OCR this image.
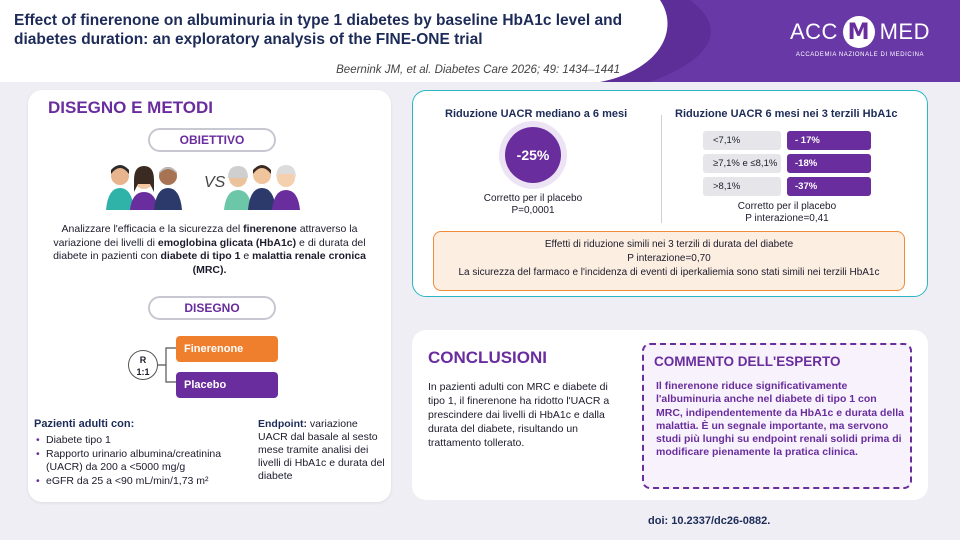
Effect of finerenone on albuminuria in type 1 diabetes by baseline HbA1c level and diabetes duration: an exploratory analysis of the FINE-ONE trial
Beernink JM, et al. Diabetes Care 2026; 49: 1434–1441
ACC M MED
ACCADEMIA NAZIONALE DI MEDICINA
DISEGNO E METODI
OBIETTIVO
VS
Analizzare l'efficacia e la sicurezza del finerenone attraverso la variazione dei livelli di emoglobina glicata (HbA1c) e di durata del diabete in pazienti con diabete di tipo 1 e malattia renale cronica (MRC).
DISEGNO
R
1:1
Finerenone
Placebo
Pazienti adulti con:
• Diabete tipo 1
• Rapporto urinario albumina/creatinina (UACR) da 200 a <5000 mg/g
• eGFR da 25 a <90 mL/min/1,73 m²
Endpoint: variazione UACR dal basale al sesto mese tramite analisi dei livelli di HbA1c e durata del diabete
Riduzione UACR mediano a 6 mesi
-25%
Corretto per il placebo
P=0,0001
Riduzione UACR 6 mesi nei 3 terzili HbA1c
<7,1%	- 17%
≥7,1% e ≤8,1%	-18%
>8,1%	-37%
Corretto per il placebo
P interazione=0,41
Effetti di riduzione simili nei 3 terzili di durata del diabete
P interazione=0,70
La sicurezza del farmaco e l'incidenza di eventi di iperkaliemia sono stati simili nei terzili HbA1c
CONCLUSIONI
In pazienti adulti con MRC e diabete di tipo 1, il finerenone ha ridotto l'UACR a prescindere dai livelli di HbA1c e dalla durata del diabete, risultando un trattamento tollerato.
COMMENTO DELL'ESPERTO
Il finerenone riduce significativamente l'albuminuria anche nel diabete di tipo 1 con MRC, indipendentemente da HbA1c e durata della malattia. È un segnale importante, ma servono studi più lunghi su endpoint renali solidi prima di modificare pienamente la pratica clinica.
doi: 10.2337/dc26-0882.
